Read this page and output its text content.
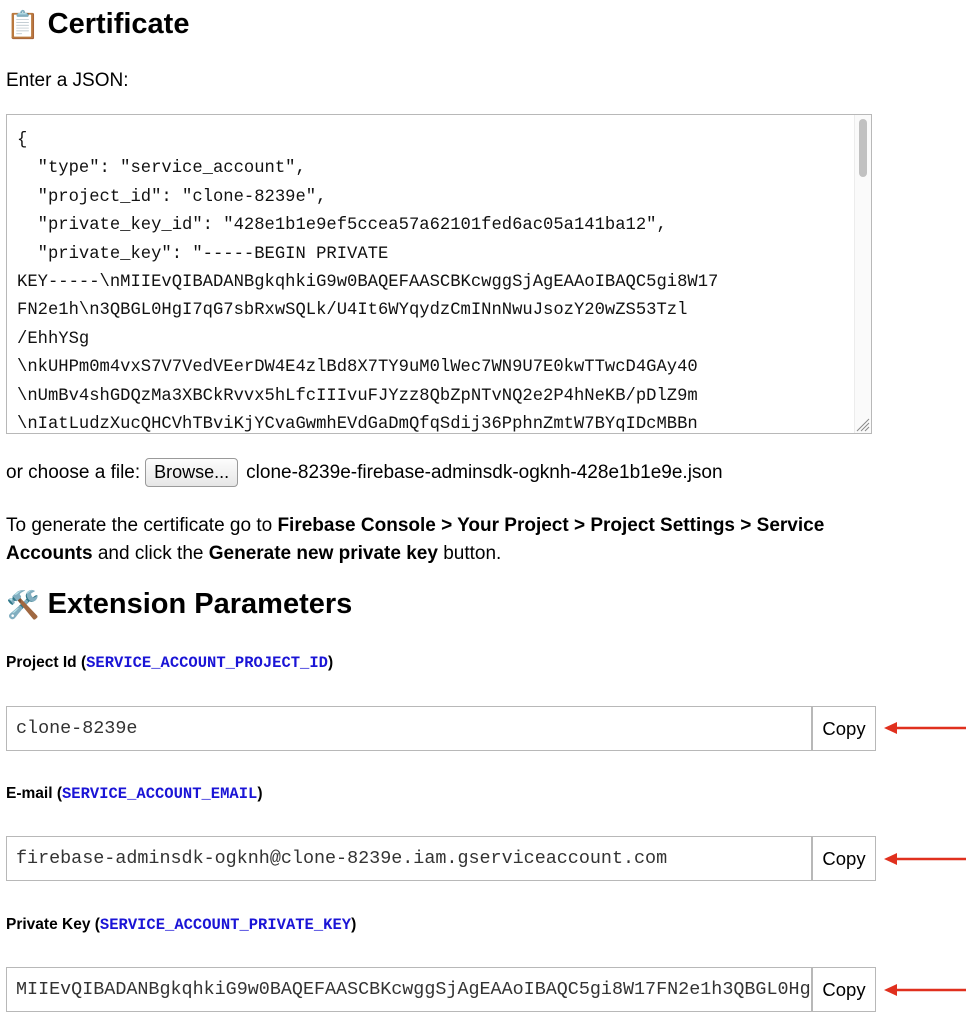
📋 Certificate
Enter a JSON:
{
"type": "service_account",
"project_id": "clone-8239e",
"private_key_id": "428e1b1e9ef5ccea57a62101fed6ac05a141ba12",
"private_key": "-----BEGIN PRIVATE
KEY-----\nMIIEvQIBADANBgkqhkiG9w0BAQEFAASCBKcwggSjAgEAAoIBAQC5gi8W17
FN2e1h\n3QBGL0HgI7qG7sbRxwSQLk/U4It6WYqydzCmINnNwuJsozY20wZS53Tzl
/EhhYSg
\nkUHPm0m4vxS7V7VedVEerDW4E4zlBd8X7TY9uM0lWec7WN9U7E0kwTTwcD4GAy40
\nUmBv4shGDQzMa3XBCkRvvx5hLfcIIIvuFJYzz8QbZpNTvNQ2e2P4hNeKB/pDlZ9m
\nIatLudzXucQHCVhTBviKjYCvaGwmhEVdGaDmQfqSdij36PphnZmtW7BYqIDcMBBn
or choose a file: Browse... clone-8239e-firebase-adminsdk-ogknh-428e1b1e9e.json
To generate the certificate go to Firebase Console > Your Project > Project Settings > Service Accounts and click the Generate new private key button.
🛠️ Extension Parameters
Project Id (SERVICE_ACCOUNT_PROJECT_ID)
clone-8239e
Copy
E-mail (SERVICE_ACCOUNT_EMAIL)
firebase-adminsdk-ogknh@clone-8239e.iam.gserviceaccount.com
Copy
Private Key (SERVICE_ACCOUNT_PRIVATE_KEY)
MIIEvQIBADANBgkqhkiG9w0BAQEFAASCBKcwggSjAgEAAoIBAQC5gi8W17FN2e1h3QBGL0HgI7qG7sbRxwSQLk
Copy
